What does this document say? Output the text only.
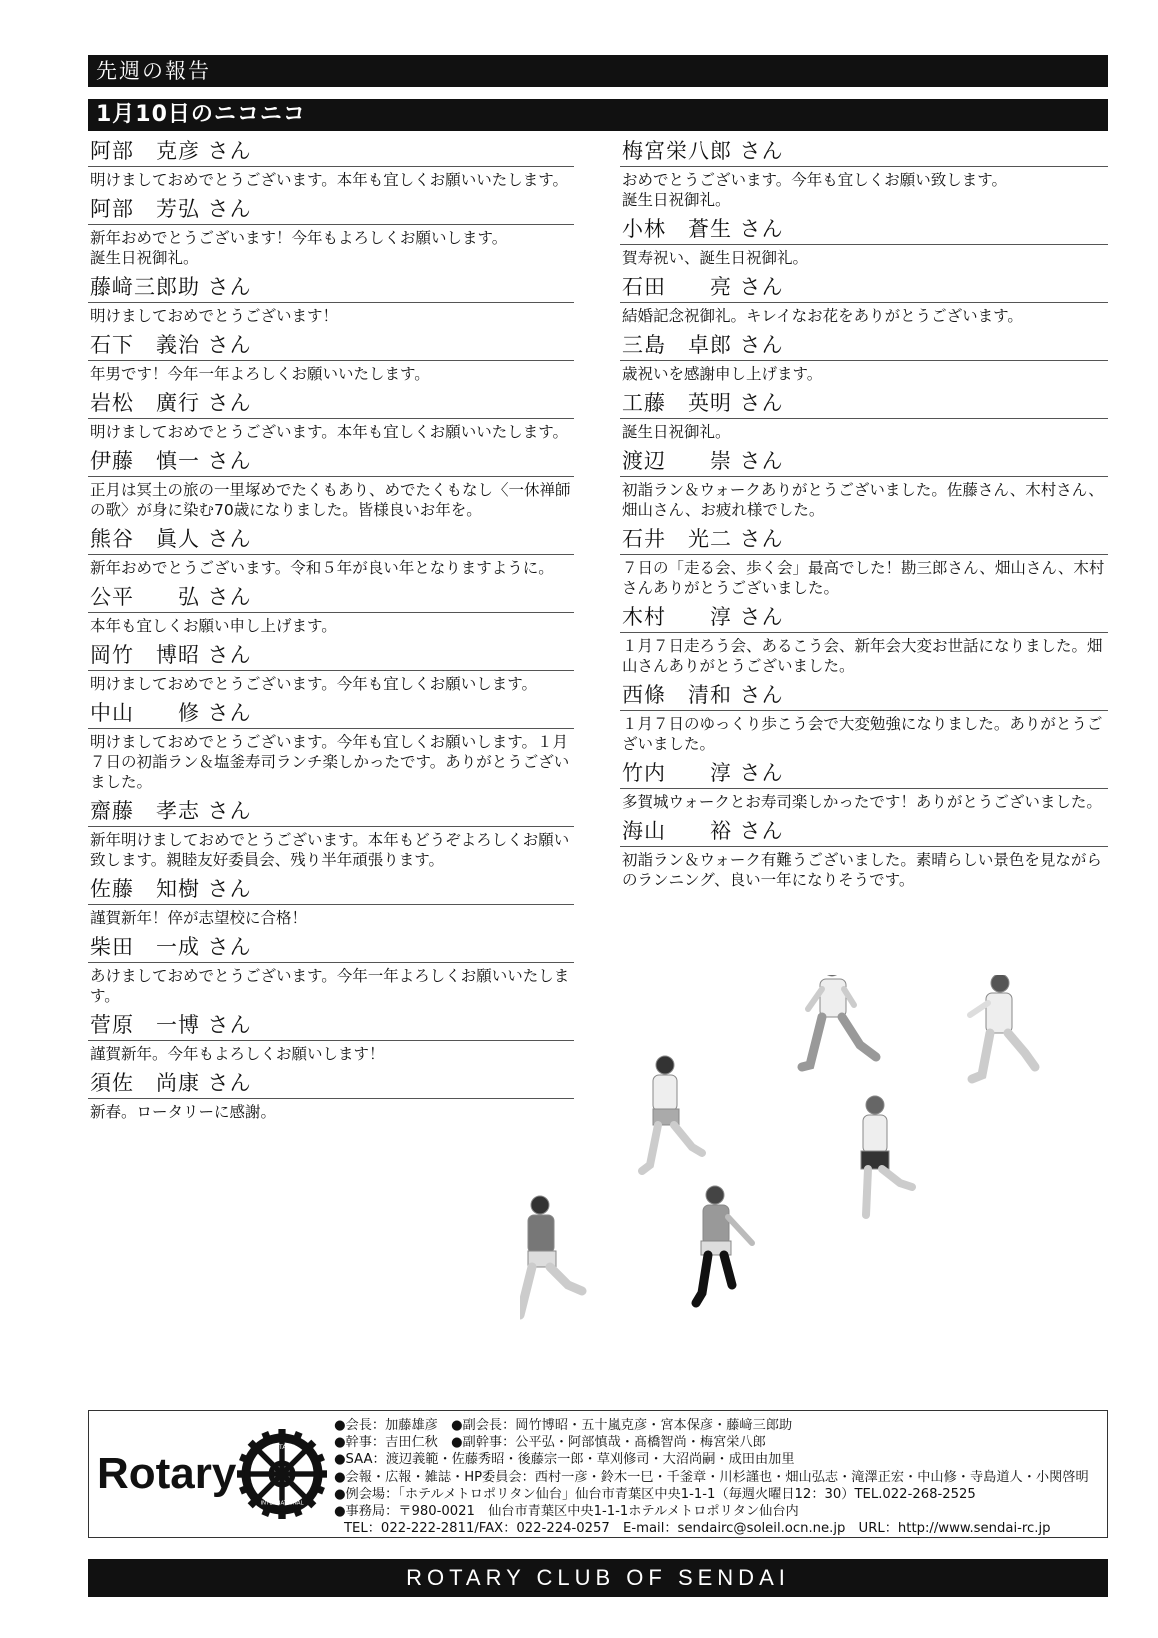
先週の報告
1月10日のニコニコ
阿部　克彦 さん
明けましておめでとうございます。本年も宜しくお願いいたします。
阿部　芳弘 さん
新年おめでとうございます！今年もよろしくお願いします。
誕生日祝御礼。
藤﨑三郎助 さん
明けましておめでとうございます！
石下　義治 さん
年男です！今年一年よろしくお願いいたします。
岩松　廣行 さん
明けましておめでとうございます。本年も宜しくお願いいたします。
伊藤　慎一 さん
正月は冥土の旅の一里塚めでたくもあり、めでたくもなし〈一休禅師の歌〉が身に染む70歳になりました。皆様良いお年を。
熊谷　眞人 さん
新年おめでとうございます。令和５年が良い年となりますように。
公平　　弘 さん
本年も宜しくお願い申し上げます。
岡竹　博昭 さん
明けましておめでとうございます。今年も宜しくお願いします。
中山　　修 さん
明けましておめでとうございます。今年も宜しくお願いします。１月７日の初詣ラン＆塩釜寿司ランチ楽しかったです。ありがとうございました。
齋藤　孝志 さん
新年明けましておめでとうございます。本年もどうぞよろしくお願い致します。親睦友好委員会、残り半年頑張ります。
佐藤　知樹 さん
謹賀新年！倅が志望校に合格！
柴田　一成 さん
あけましておめでとうございます。今年一年よろしくお願いいたします。
菅原　一博 さん
謹賀新年。今年もよろしくお願いします！
須佐　尚康 さん
新春。ロータリーに感謝。
梅宮栄八郎 さん
おめでとうございます。今年も宜しくお願い致します。
誕生日祝御礼。
小林　蒼生 さん
賀寿祝い、誕生日祝御礼。
石田　　亮 さん
結婚記念祝御礼。キレイなお花をありがとうございます。
三島　卓郎 さん
歳祝いを感謝申し上げます。
工藤　英明 さん
誕生日祝御礼。
渡辺　　崇 さん
初詣ラン＆ウォークありがとうございました。佐藤さん、木村さん、畑山さん、お疲れ様でした。
石井　光二 さん
７日の「走る会、歩く会」最高でした！勘三郎さん、畑山さん、木村さんありがとうございました。
木村　　淳 さん
１月７日走ろう会、あるこう会、新年会大変お世話になりました。畑山さんありがとうございました。
西條　清和 さん
１月７日のゆっくり歩こう会で大変勉強になりました。ありがとうございました。
竹内　　淳 さん
多賀城ウォークとお寿司楽しかったです！ありがとうございました。
海山　　裕 さん
初詣ラン＆ウォーク有難うございました。素晴らしい景色を見ながらのランニング、良い一年になりそうです。
Rotary
ROTARY
INTERNATIONAL
●会長：加藤雄彦　●副会長：岡竹博昭・五十嵐克彦・宮本保彦・藤﨑三郎助
●幹事：吉田仁秋　●副幹事：公平弘・阿部慎哉・髙橋智尚・梅宮栄八郎
●SAA：渡辺義範・佐藤秀昭・後藤宗一郎・草刈修司・大沼尚嗣・成田由加里
●会報・広報・雑誌・HP委員会：西村一彦・鈴木一巳・千釜章・川杉謹也・畑山弘志・滝澤正宏・中山修・寺島道人・小関啓明
●例会場：「ホテルメトロポリタン仙台」仙台市青葉区中央1-1-1（毎週火曜日12：30）TEL.022-268-2525
●事務局：〒980-0021　仙台市青葉区中央1-1-1ホテルメトロポリタン仙台内
TEL：022-222-2811/FAX：022-224-0257　E-mail：sendairc@soleil.ocn.ne.jp　URL：http://www.sendai-rc.jp
ROTARY CLUB OF SENDAI
